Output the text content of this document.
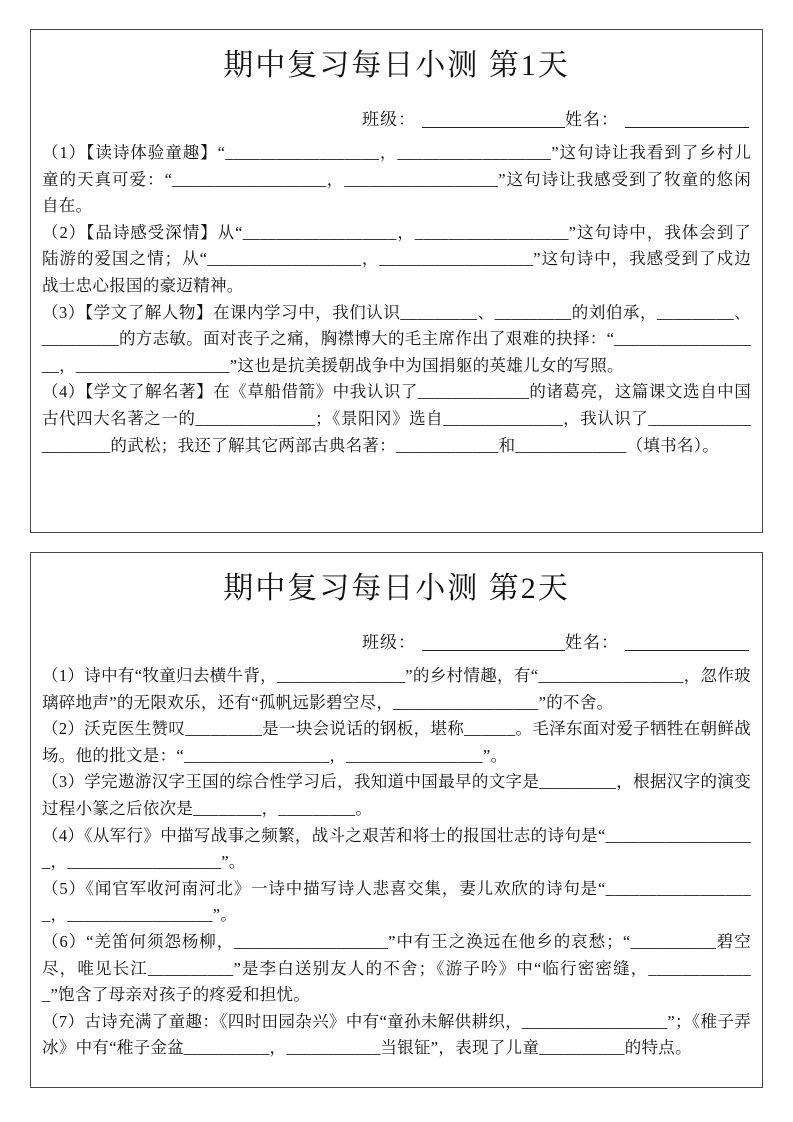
期中复习每日小测 第1天
班级：	姓名：

（1）【读诗体验童趣】“__________________，__________________”这句诗让我看到了乡村儿童的天真可爱：“__________________，__________________”这句诗让我感受到了牧童的悠闲自在。

（2）【品诗感受深情】从“__________________，__________________”这句诗中，我体会到了陆游的爱国之情；从“__________________，__________________”这句诗中，我感受到了戍边战士忠心报国的豪迈精神。

（3）【学文了解人物】在课内学习中，我们认识_________、_________的刘伯承，_________、_________的方志敏。面对丧子之痛，胸襟博大的毛主席作出了艰难的抉择：“__________________，__________________”这也是抗美援朝战争中为国捐躯的英雄儿女的写照。

（4）【学文了解名著】在《草船借箭》中我认识了_____________的诸葛亮，这篇课文选自中国古代四大名著之一的______________；《景阳冈》选自______________，我认识了____________________的武松；我还了解其它两部古典名著：____________和_____________（填书名）。

期中复习每日小测 第2天
班级：	姓名：

（1）诗中有“牧童归去横牛背，_______________”的乡村情趣，有“_________________，忽作玻璃碎地声”的无限欢乐，还有“孤帆远影碧空尽，_________________”的不舍。

（2）沃克医生赞叹_________是一块会说话的钢板，堪称______。毛泽东面对爱子牺牲在朝鲜战场。他的批文是：“_________________，________________”。

（3）学完遨游汉字王国的综合性学习后，我知道中国最早的文字是_________，根据汉字的演变过程小篆之后依次是________，_________。

（4）《从军行》中描写战事之频繁，战斗之艰苦和将士的报国壮志的诗句是“__________________，__________________”。

（5）《闻官军收河南河北》一诗中描写诗人悲喜交集，妻儿欢欣的诗句是“__________________，_________________”。

（6）“羌笛何须怨杨柳，__________________”中有王之涣远在他乡的哀愁；“__________碧空尽，唯见长江__________”是李白送别友人的不舍；《游子吟》中“临行密密缝，_____________”饱含了母亲对孩子的疼爱和担忧。

（7）古诗充满了童趣：《四时田园杂兴》中有“童孙未解供耕织，_________________”；《稚子弄冰》中有“稚子金盆__________，___________当银钲”，表现了儿童__________的特点。
